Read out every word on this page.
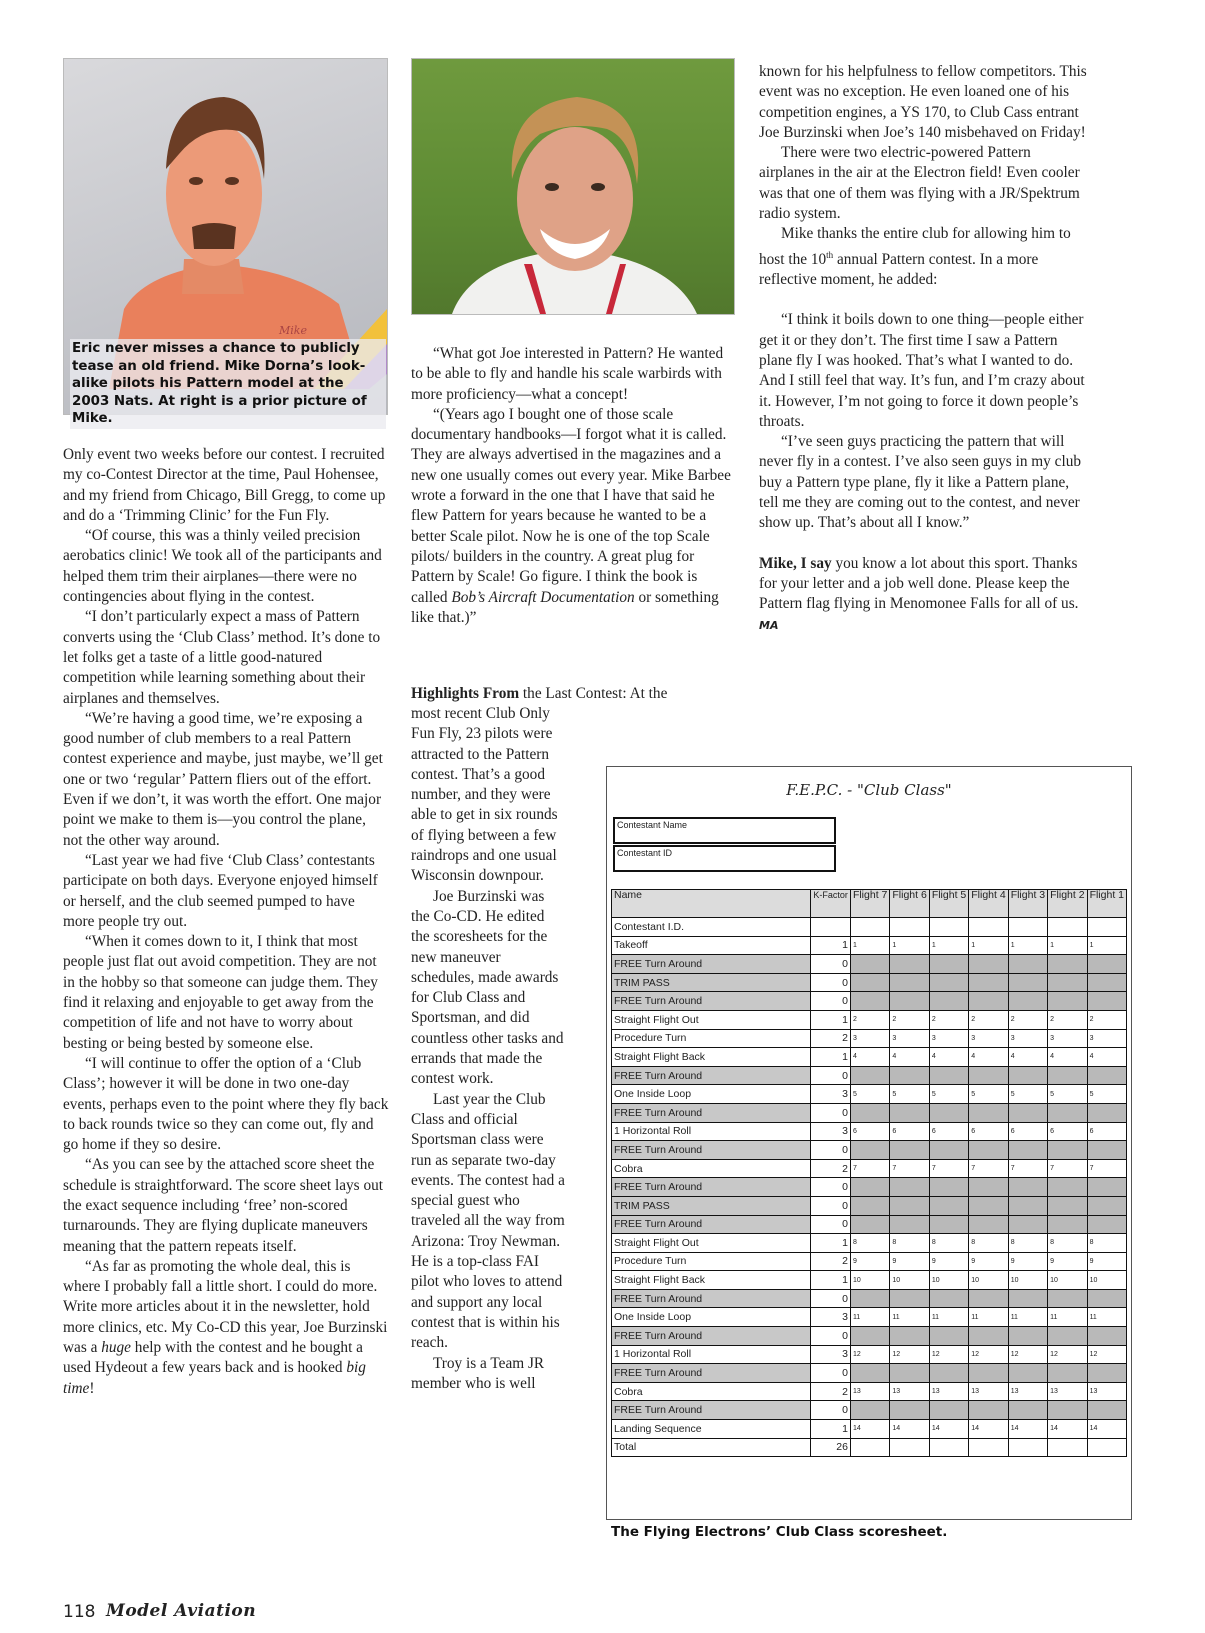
Mike
Eric never misses a chance to publicly tease an old friend. Mike Dorna’s look-alike pilots his Pattern model at the 2003 Nats. At right is a prior picture of Mike.

Only event two weeks before our contest. I recruited my co-Contest Director at the time, Paul Hohensee, and my friend from Chicago, Bill Gregg, to come up and do a ‘Trimming Clinic’ for the Fun Fly.

“Of course, this was a thinly veiled precision aerobatics clinic! We took all of the participants and helped them trim their airplanes—there were no contingencies about flying in the contest.

“I don’t particularly expect a mass of Pattern converts using the ‘Club Class’ method. It’s done to let folks get a taste of a little good-natured competition while learning something about their airplanes and themselves.

“We’re having a good time, we’re exposing a good number of club members to a real Pattern contest experience and maybe, just maybe, we’ll get one or two ‘regular’ Pattern fliers out of the effort. Even if we don’t, it was worth the effort. One major point we make to them is—you control the plane, not the other way around.

“Last year we had five ‘Club Class’ contestants participate on both days. Everyone enjoyed himself or herself, and the club seemed pumped to have more people try out.

“When it comes down to it, I think that most people just flat out avoid competition. They are not in the hobby so that someone can judge them. They find it relaxing and enjoyable to get away from the competition of life and not have to worry about besting or being bested by someone else.

“I will continue to offer the option of a ‘Club Class’; however it will be done in two one-day events, perhaps even to the point where they fly back to back rounds twice so they can come out, fly and go home if they so desire.

“As you can see by the attached score sheet the schedule is straightforward. The score sheet lays out the exact sequence including ‘free’ non-scored turnarounds. They are flying duplicate maneuvers meaning that the pattern repeats itself.

“As far as promoting the whole deal, this is where I probably fall a little short. I could do more. Write more articles about it in the newsletter, hold more clinics, etc. My Co-CD this year, Joe Burzinski was a huge help with the contest and he bought a used Hydeout a few years back and is hooked big time!

“What got Joe interested in Pattern? He wanted to be able to fly and handle his scale warbirds with more proficiency—what a concept!

“(Years ago I bought one of those scale documentary handbooks—I forgot what it is called. They are always advertised in the magazines and a new one usually comes out every year. Mike Barbee wrote a forward in the one that I have that said he flew Pattern for years because he wanted to be a better Scale pilot. Now he is one of the top Scale pilots/ builders in the country. A great plug for Pattern by Scale! Go figure. I think the book is called Bob’s Aircraft Documentation or something like that.)”

Highlights From the Last Contest: At the

most recent Club Only Fun Fly, 23 pilots were attracted to the Pattern contest. That’s a good number, and they were able to get in six rounds of flying between a few raindrops and one usual Wisconsin downpour.

Joe Burzinski was the Co-CD. He edited the scoresheets for the new maneuver schedules, made awards for Club Class and Sportsman, and did countless other tasks and errands that made the contest work.

Last year the Club Class and official Sportsman class were run as separate two-day events. The contest had a special guest who traveled all the way from Arizona: Troy Newman. He is a top-class FAI pilot who loves to attend and support any local contest that is within his reach.

Troy is a Team JR member who is well

known for his helpfulness to fellow competitors. This event was no exception. He even loaned one of his competition engines, a YS 170, to Club Cass entrant Joe Burzinski when Joe’s 140 misbehaved on Friday!

There were two electric-powered Pattern airplanes in the air at the Electron field! Even cooler was that one of them was flying with a JR/Spektrum radio system.

Mike thanks the entire club for allowing him to host the 10th annual Pattern contest. In a more reflective moment, he added:

“I think it boils down to one thing—people either get it or they don’t. The first time I saw a Pattern plane fly I was hooked. That’s what I wanted to do. And I still feel that way. It’s fun, and I’m crazy about it. However, I’m not going to force it down people’s throats.

“I’ve seen guys practicing the pattern that will never fly in a contest. I’ve also seen guys in my club buy a Pattern type plane, fly it like a Pattern plane, tell me they are coming out to the contest, and never show up. That’s about all I know.”

Mike, I say you know a lot about this sport. Thanks for your letter and a job well done. Please keep the Pattern flag flying in Menomonee Falls for all of us. MA

F.E.P.C. - "Club Class"
Contestant Name
Contestant ID
Name	K-Factor	Flight 7	Flight 6	Flight 5	Flight 4	Flight 3	Flight 2	Flight 1
Contestant I.D.								
Takeoff	1	1	1	1	1	1	1	1
FREE Turn Around	0							
TRIM PASS	0							
FREE Turn Around	0							
Straight Flight Out	1	2	2	2	2	2	2	2
Procedure Turn	2	3	3	3	3	3	3	3
Straight Flight Back	1	4	4	4	4	4	4	4
FREE Turn Around	0							
One Inside Loop	3	5	5	5	5	5	5	5
FREE Turn Around	0							
1 Horizontal Roll	3	6	6	6	6	6	6	6
FREE Turn Around	0							
Cobra	2	7	7	7	7	7	7	7
FREE Turn Around	0							
TRIM PASS	0							
FREE Turn Around	0							
Straight Flight Out	1	8	8	8	8	8	8	8
Procedure Turn	2	9	9	9	9	9	9	9
Straight Flight Back	1	10	10	10	10	10	10	10
FREE Turn Around	0							
One Inside Loop	3	11	11	11	11	11	11	11
FREE Turn Around	0							
1 Horizontal Roll	3	12	12	12	12	12	12	12
FREE Turn Around	0							
Cobra	2	13	13	13	13	13	13	13
FREE Turn Around	0							
Landing Sequence	1	14	14	14	14	14	14	14
Total	26							
The Flying Electrons’ Club Class scoresheet.
118 Model Aviation
